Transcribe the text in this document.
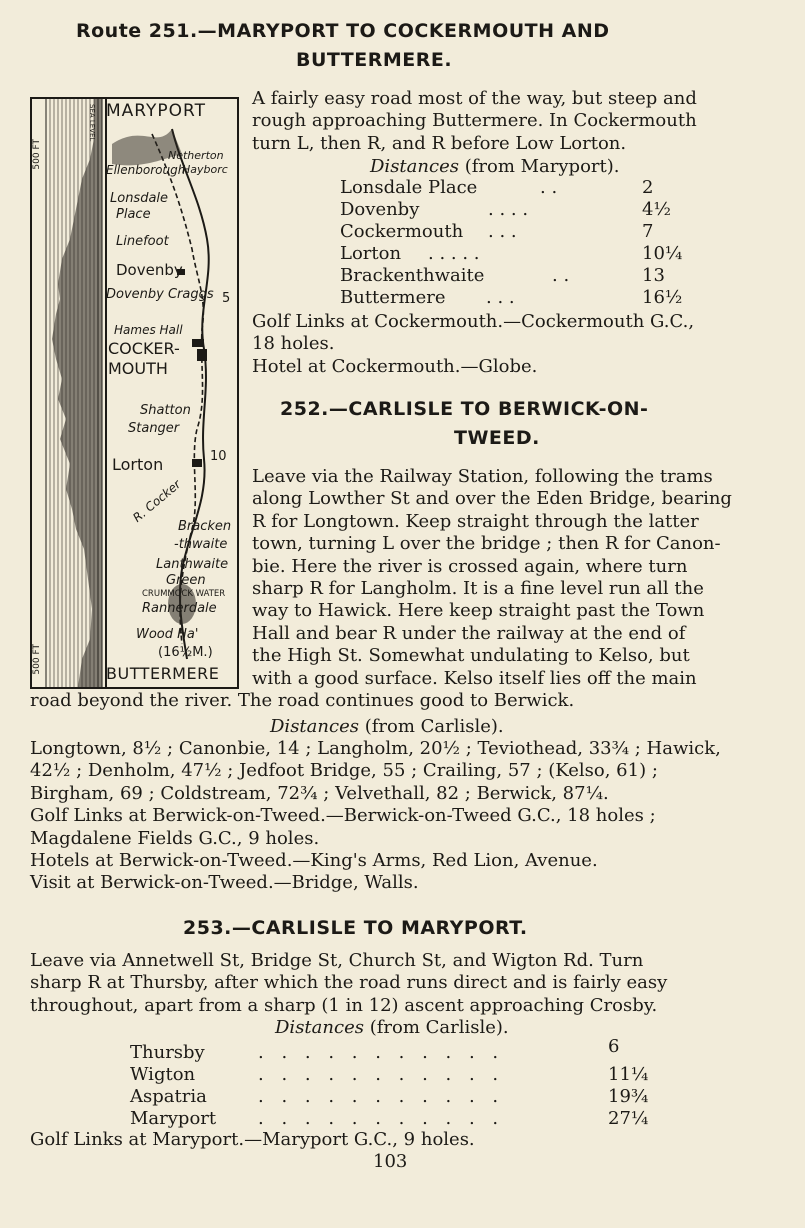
Route 251.—MARYPORT TO COCKERMOUTH AND
BUTTERMERE.
MARYPORT
500 FT
SEA LEVEL
Netherton
Ellenborough
Hayborc
Lonsdale
Place
Linefoot
Dovenby
Dovenby Craggs 5
Hames Hall
COCKER-
MOUTH
Shatton
Stanger
Lorton	10
R. Cocker
Bracken
-thwaite
Lanthwaite
Green
CRUMMOCK WATER
Rannerdale
Wood Ha'
(16½M.)
500 FT	BUTTERMERE
A fairly easy road most of the way, but steep and
rough approaching Buttermere. In Cockermouth
turn L, then R, and R before Low Lorton.
Distances (from Maryport).
Lonsdale Place	. .	2
Dovenby	. . . .	4½
Cockermouth . . .	7
Lorton . . . . .	10¼
Brackenthwaite	. .	13
Buttermere . . .	16½
Golf Links at Cockermouth.—Cockermouth G.C.,
18 holes.
Hotel at Cockermouth.—Globe.
252.—CARLISLE TO BERWICK-ON-
TWEED.
Leave via the Railway Station, following the trams
along Lowther St and over the Eden Bridge, bearing
R for Longtown. Keep straight through the latter
town, turning L over the bridge ; then R for Canon-
bie. Here the river is crossed again, where turn
sharp R for Langholm. It is a fine level run all the
way to Hawick. Here keep straight past the Town
Hall and bear R under the railway at the end of
the High St. Somewhat undulating to Kelso, but
with a good surface. Kelso itself lies off the main
road beyond the river. The road continues good to Berwick.
Distances (from Carlisle).
Longtown, 8½ ; Canonbie, 14 ; Langholm, 20½ ; Teviothead, 33¾ ; Hawick,
42½ ; Denholm, 47½ ; Jedfoot Bridge, 55 ; Crailing, 57 ; (Kelso, 61) ;
Birgham, 69 ; Coldstream, 72¾ ; Velvethall, 82 ; Berwick, 87¼.
Golf Links at Berwick-on-Tweed.—Berwick-on-Tweed G.C., 18 holes ;
Magdalene Fields G.C., 9 holes.
Hotels at Berwick-on-Tweed.—King's Arms, Red Lion, Avenue.
Visit at Berwick-on-Tweed.—Bridge, Walls.
253.—CARLISLE TO MARYPORT.
Leave via Annetwell St, Bridge St, Church St, and Wigton Rd. Turn
sharp R at Thursby, after which the road runs direct and is fairly easy
throughout, apart from a sharp (1 in 12) ascent approaching Crosby.
Distances (from Carlisle).
Thursby	. . . . . . . . . . .	6
Wigton	. . . . . . . . . . .	11¼
Aspatria	. . . . . . . . . . .	19¾
Maryport . . . . . . . . . . .	27¼
Golf Links at Maryport.—Maryport G.C., 9 holes.
103
